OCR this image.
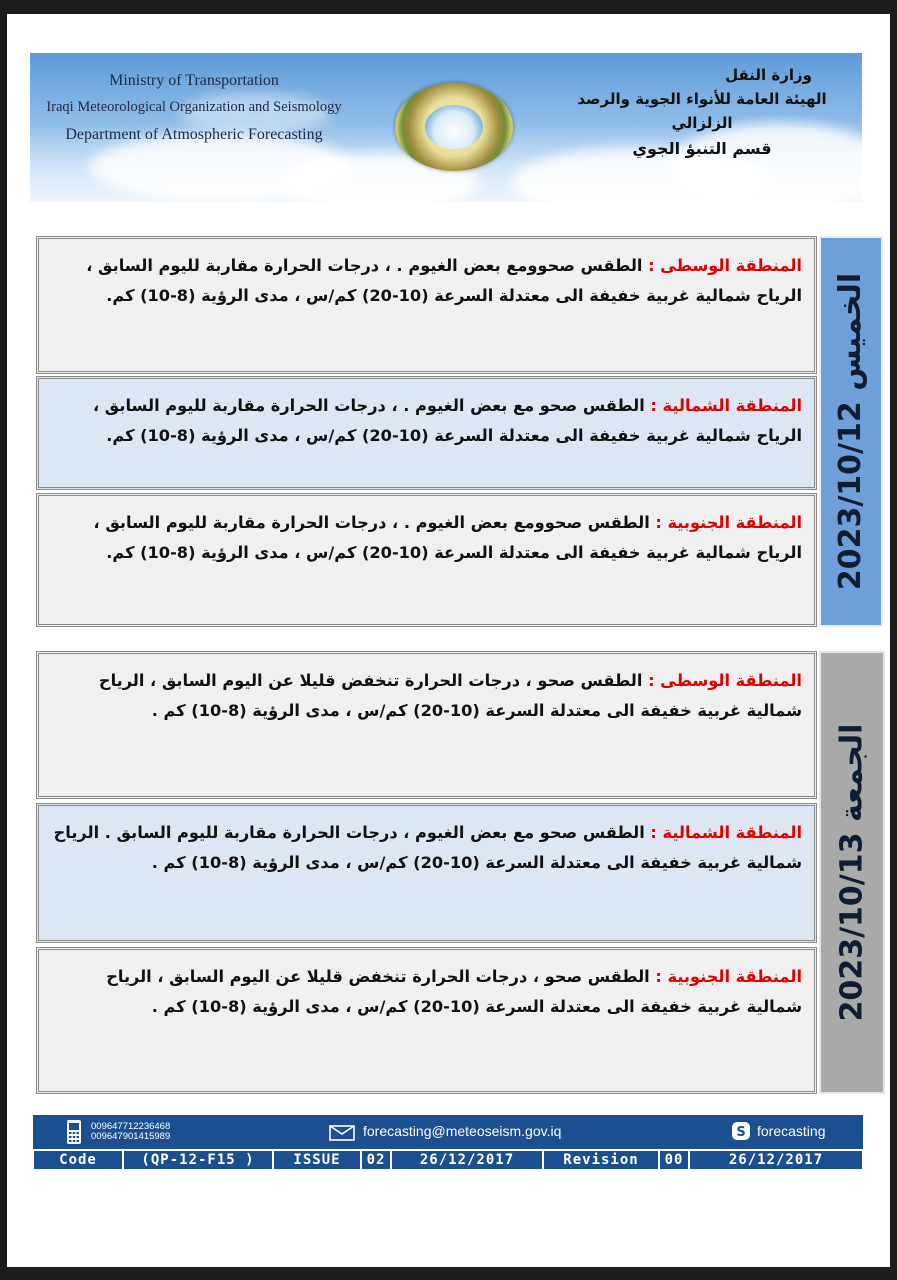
Ministry of Transportation
Iraqi Meteorological Organization and Seismology
Department of Atmospheric Forecasting
وزارة النقل
الهيئة العامة للأنواء الجوية والرصد الزلزالي
قسم التنبؤ الجوي
المنطقة الوسطى : الطقس صحوومع بعض الغيوم . ، درجات الحرارة مقاربة لليوم السابق ، الرياح شمالية غربية خفيفة الى معتدلة السرعة (10-20) كم/س ، مدى الرؤية (8-10) كم.
المنطقة الشمالية : الطقس صحو مع بعض الغيوم . ، درجات الحرارة مقاربة لليوم السابق ، الرياح شمالية غربية خفيفة الى معتدلة السرعة (10-20) كم/س ، مدى الرؤية (8-10) كم.
المنطقة الجنوبية : الطقس صحوومع بعض الغيوم . ، درجات الحرارة مقاربة لليوم السابق ، الرياح شمالية غربية خفيفة الى معتدلة السرعة (10-20) كم/س ، مدى الرؤية (8-10) كم.
الخميس 2023/10/12
المنطقة الوسطى : الطقس صحو ، درجات الحرارة تنخفض قليلا عن اليوم السابق ، الرياح شمالية غربية خفيفة الى معتدلة السرعة (10-20) كم/س ، مدى الرؤية (8-10) كم .
المنطقة الشمالية : الطقس صحو مع بعض الغيوم ، درجات الحرارة مقاربة لليوم السابق . الرياح شمالية غربية خفيفة الى معتدلة السرعة (10-20) كم/س ، مدى الرؤية (8-10) كم .
المنطقة الجنوبية : الطقس صحو ، درجات الحرارة تنخفض قليلا عن اليوم السابق ، الرياح شمالية غربية خفيفة الى معتدلة السرعة (10-20) كم/س ، مدى الرؤية (8-10) كم .
الجمعة 2023/10/13
009647712236468
009647901415989	forecasting@meteoseism.gov.iq	S forecasting
Code	(QP-12-F15 )	ISSUE	02	26/12/2017	Revision	00	26/12/2017
